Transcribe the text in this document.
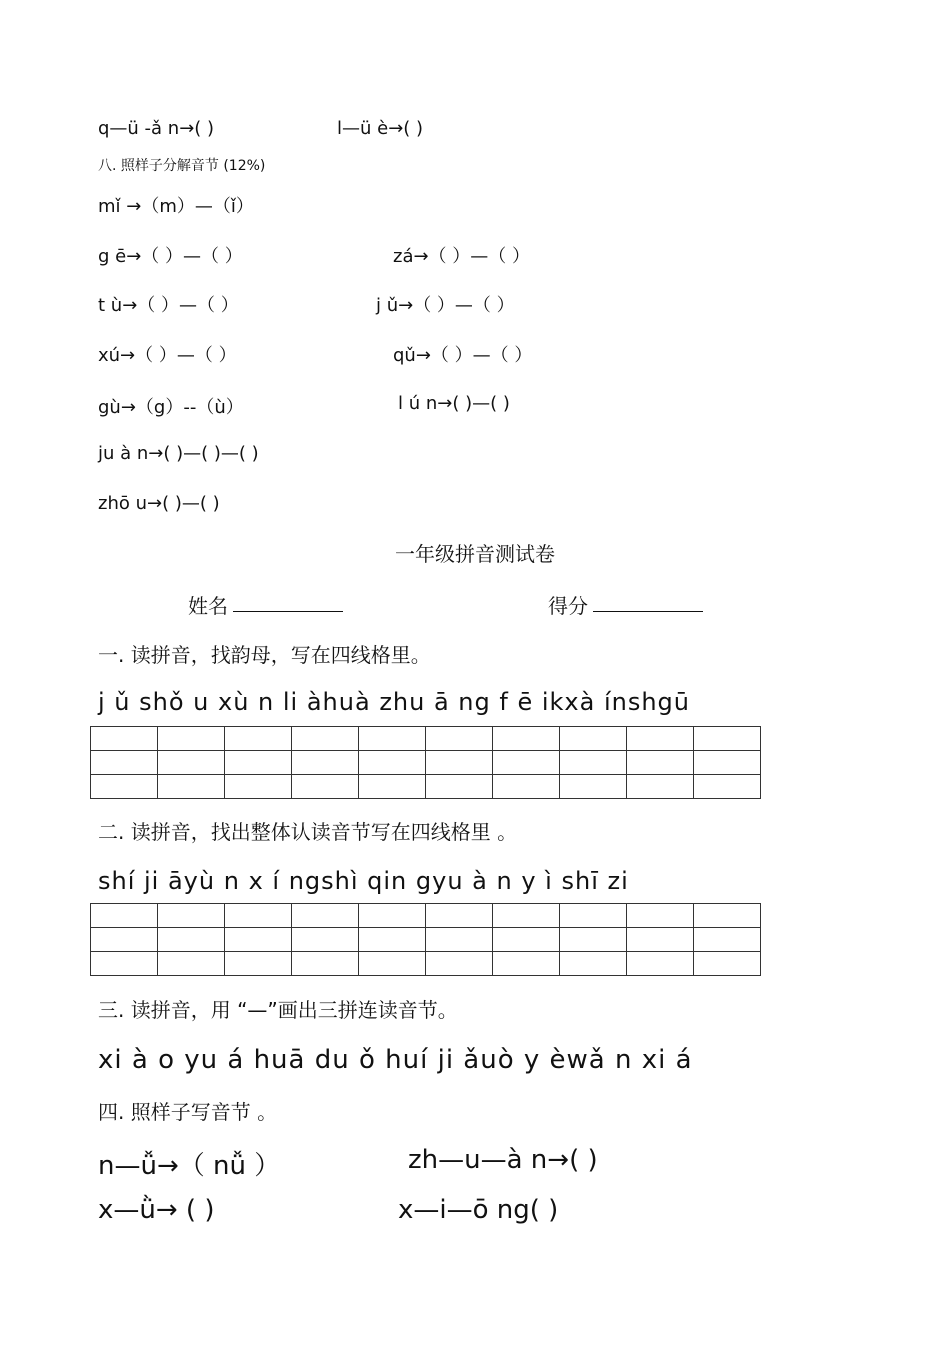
q—ü -ǎ n→( )	l—ü è→( )
八. 照样子分解音节 (12%)
mǐ →（m）—（ǐ）
g ē→（ ）—（ ）	zá→（ ）—（ ）
t ù→（ ）—（ ）	j ǔ→（ ）—（ ）
xú→（ ）—（ ）	qǔ→（ ）—（ ）
gù→（g）--（ù）	l ú n→( )—( )
ju à n→( )—( )—( )
zhō u→( )—( )
一年级拼音测试卷
姓名	得分
一. 读拼音，找韵母，写在四线格里。
j ǔ shǒ u xù n li àhuà zhu ā ng f ē ikxà ínshgū

二. 读拼音，找出整体认读音节写在四线格里 。
shí ji āyù n x í ngshì qin gyu à n y ì shī zi

三. 读拼音，用 “—”画出三拼连读音节。
xi à o yu á huā du ǒ huí ji ǎuò y èwǎ n xi á
四. 照样子写音节 。
n—ǚ→（ nǚ ）	zh—u—à n→( )
x—ǜ→ ( )	x—i—ō ng( )
